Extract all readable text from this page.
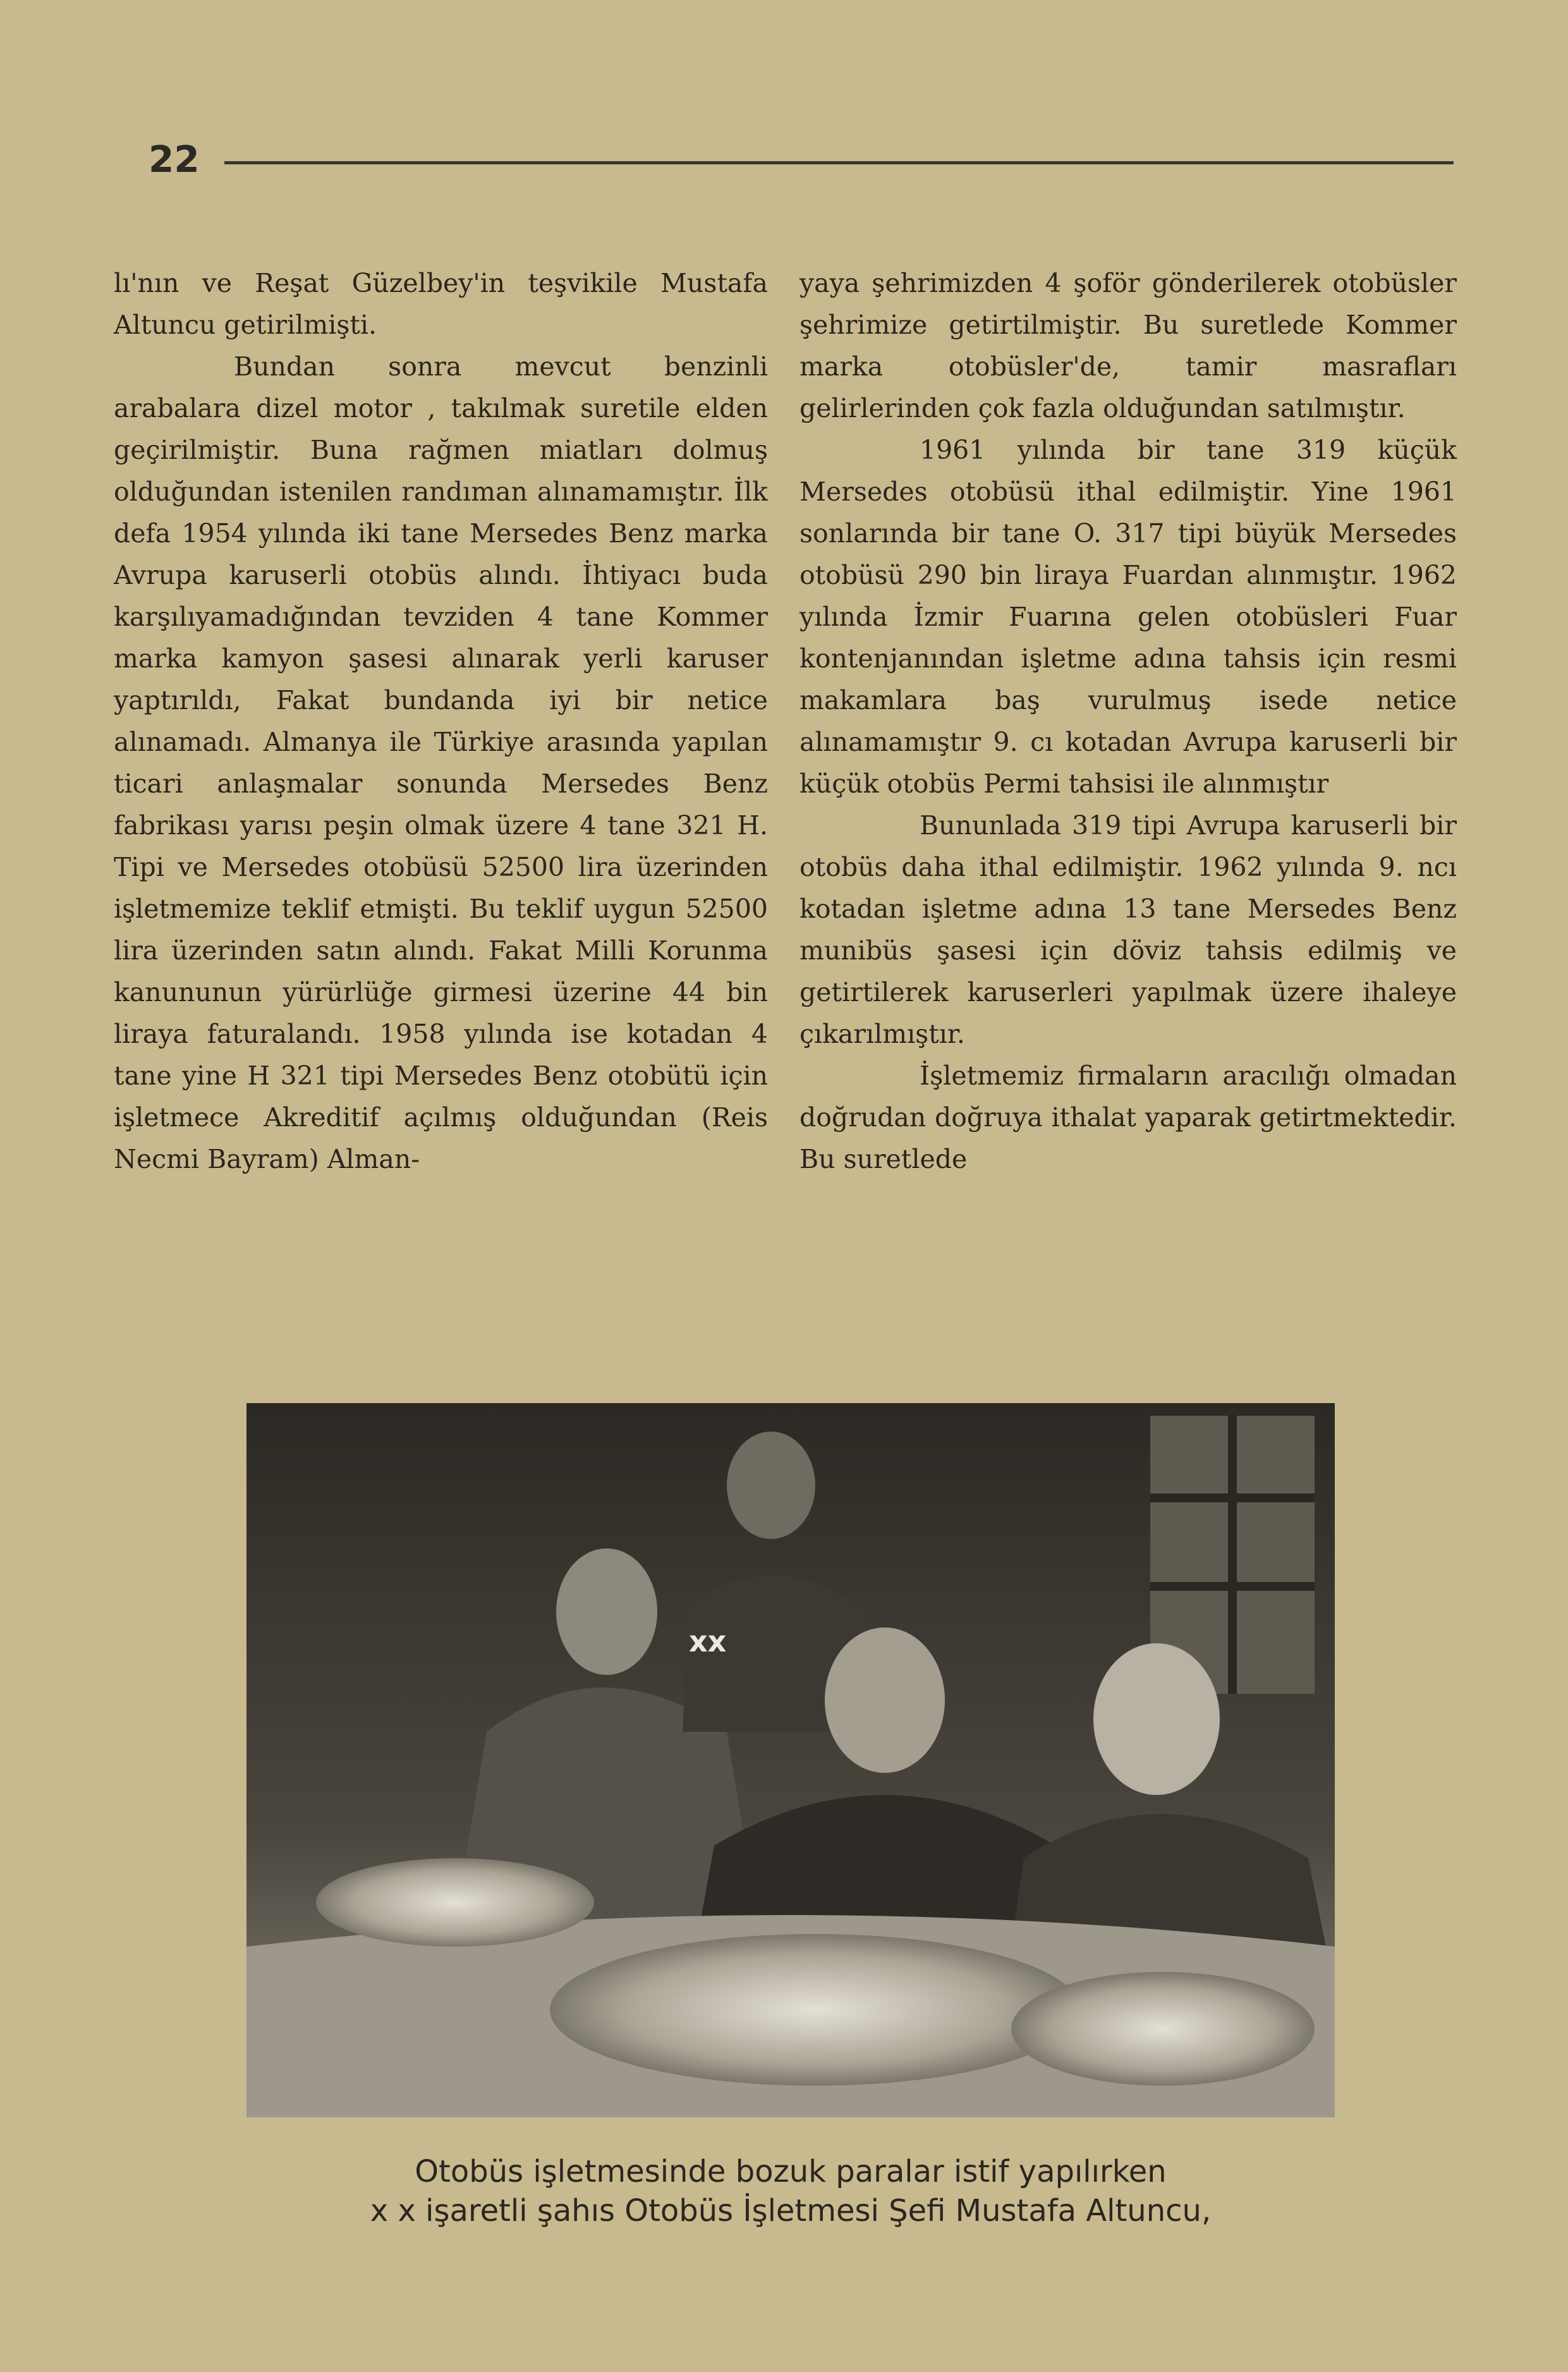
22

lı'nın ve Reşat Güzelbey'in teşvikile Mustafa Altuncu getirilmişti.

Bundan sonra mevcut benzinli arabalara dizel motor , takılmak suretile elden geçirilmiştir. Buna rağmen miatları dolmuş olduğundan istenilen randıman alınamamıştır. İlk defa 1954 yılında iki tane Mersedes Benz marka Avrupa karuserli otobüs alındı. İhtiyacı buda karşılıyamadığından tevziden 4 tane Kommer marka kamyon şasesi alınarak yerli karuser yaptırıldı, Fakat bundanda iyi bir netice alınamadı. Almanya ile Türkiye arasında yapılan ticari anlaşmalar sonunda Mersedes Benz fabrikası yarısı peşin olmak üzere 4 tane 321 H. Tipi ve Mersedes otobüsü 52500 lira üzerinden işletmemize teklif etmişti. Bu teklif uygun 52500 lira üzerinden satın alındı. Fakat Milli Korunma kanununun yürürlüğe girmesi üzerine 44 bin liraya faturalandı. 1958 yılında ise kotadan 4 tane yine H 321 tipi Mersedes Benz otobütü için işletmece Akreditif açılmış olduğundan (Reis Necmi Bayram) Alman-

yaya şehrimizden 4 şoför gönderilerek otobüsler şehrimize getirtilmiştir. Bu suretlede Kommer marka otobüsler'de, tamir masrafları gelirlerinden çok fazla olduğundan satılmıştır.

1961 yılında bir tane 319 küçük Mersedes otobüsü ithal edilmiştir. Yine 1961 sonlarında bir tane O. 317 tipi büyük Mersedes otobüsü 290 bin liraya Fuardan alınmıştır. 1962 yılında İzmir Fuarına gelen otobüsleri Fuar kontenjanından işletme adına tahsis için resmi makamlara baş vurulmuş isede netice alınamamıştır 9. cı kotadan Avrupa karuserli bir küçük otobüs Permi tahsisi ile alınmıştır

Bununlada 319 tipi Avrupa karuserli bir otobüs daha ithal edilmiştir. 1962 yılında 9. ncı kotadan işletme adına 13 tane Mersedes Benz munibüs şasesi için döviz tahsis edilmiş ve getirtilerek karuserleri yapılmak üzere ihaleye çıkarılmıştır.

İşletmemiz firmaların aracılığı olmadan doğrudan doğruya ithalat yaparak getirtmektedir. Bu suretlede

xx
Otobüs işletmesinde bozuk paralar istif yapılırken
x x işaretli şahıs Otobüs İşletmesi Şefi Mustafa Altuncu,
